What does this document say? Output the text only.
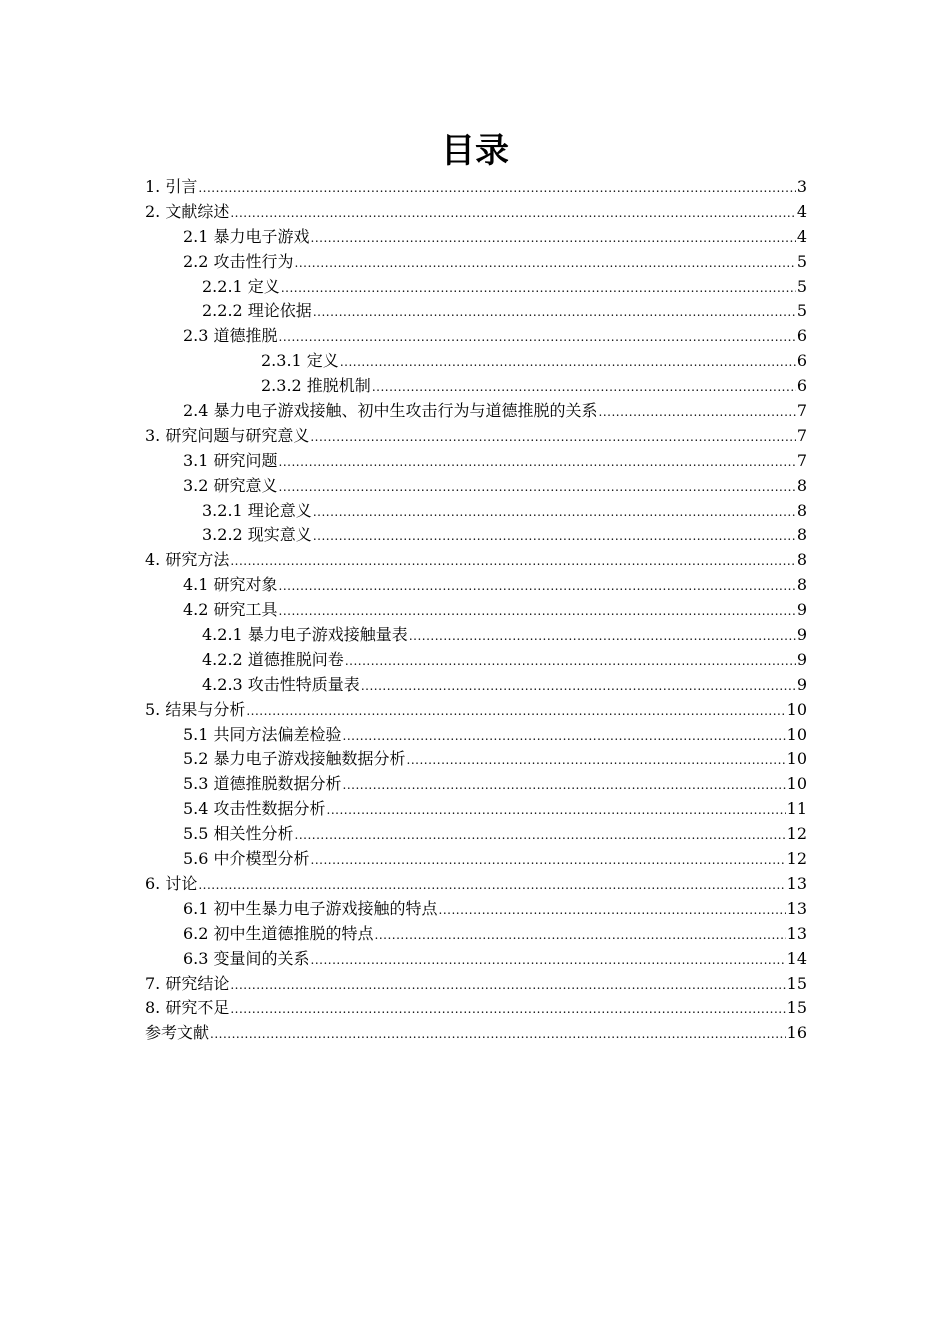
目录
1. 引言 .....	3
2. 文献综述 .....	4
2.1 暴力电子游戏 .....	4
2.2 攻击性行为 .....	5
2.2.1 定义 .....	5
2.2.2 理论依据 .....	5
2.3 道德推脱 .....	6
2.3.1 定义 .....	6
2.3.2 推脱机制 .....	6
2.4 暴力电子游戏接触、初中生攻击行为与道德推脱的关系 .....	7
3. 研究问题与研究意义 .....	7
3.1 研究问题 .....	7
3.2 研究意义 .....	8
3.2.1 理论意义 .....	8
3.2.2 现实意义 .....	8
4. 研究方法 .....	8
4.1 研究对象 .....	8
4.2 研究工具 .....	9
4.2.1 暴力电子游戏接触量表 .....	9
4.2.2 道德推脱问卷 .....	9
4.2.3 攻击性特质量表 .....	9
5. 结果与分析 .....	10
5.1 共同方法偏差检验 .....	10
5.2 暴力电子游戏接触数据分析 .....	10
5.3 道德推脱数据分析 .....	10
5.4 攻击性数据分析 .....	11
5.5 相关性分析 .....	12
5.6 中介模型分析 .....	12
6. 讨论 .....	13
6.1 初中生暴力电子游戏接触的特点 .....	13
6.2 初中生道德推脱的特点 .....	13
6.3 变量间的关系 .....	14
7. 研究结论 .....	15
8. 研究不足 .....	15
参考文献 .....	16
